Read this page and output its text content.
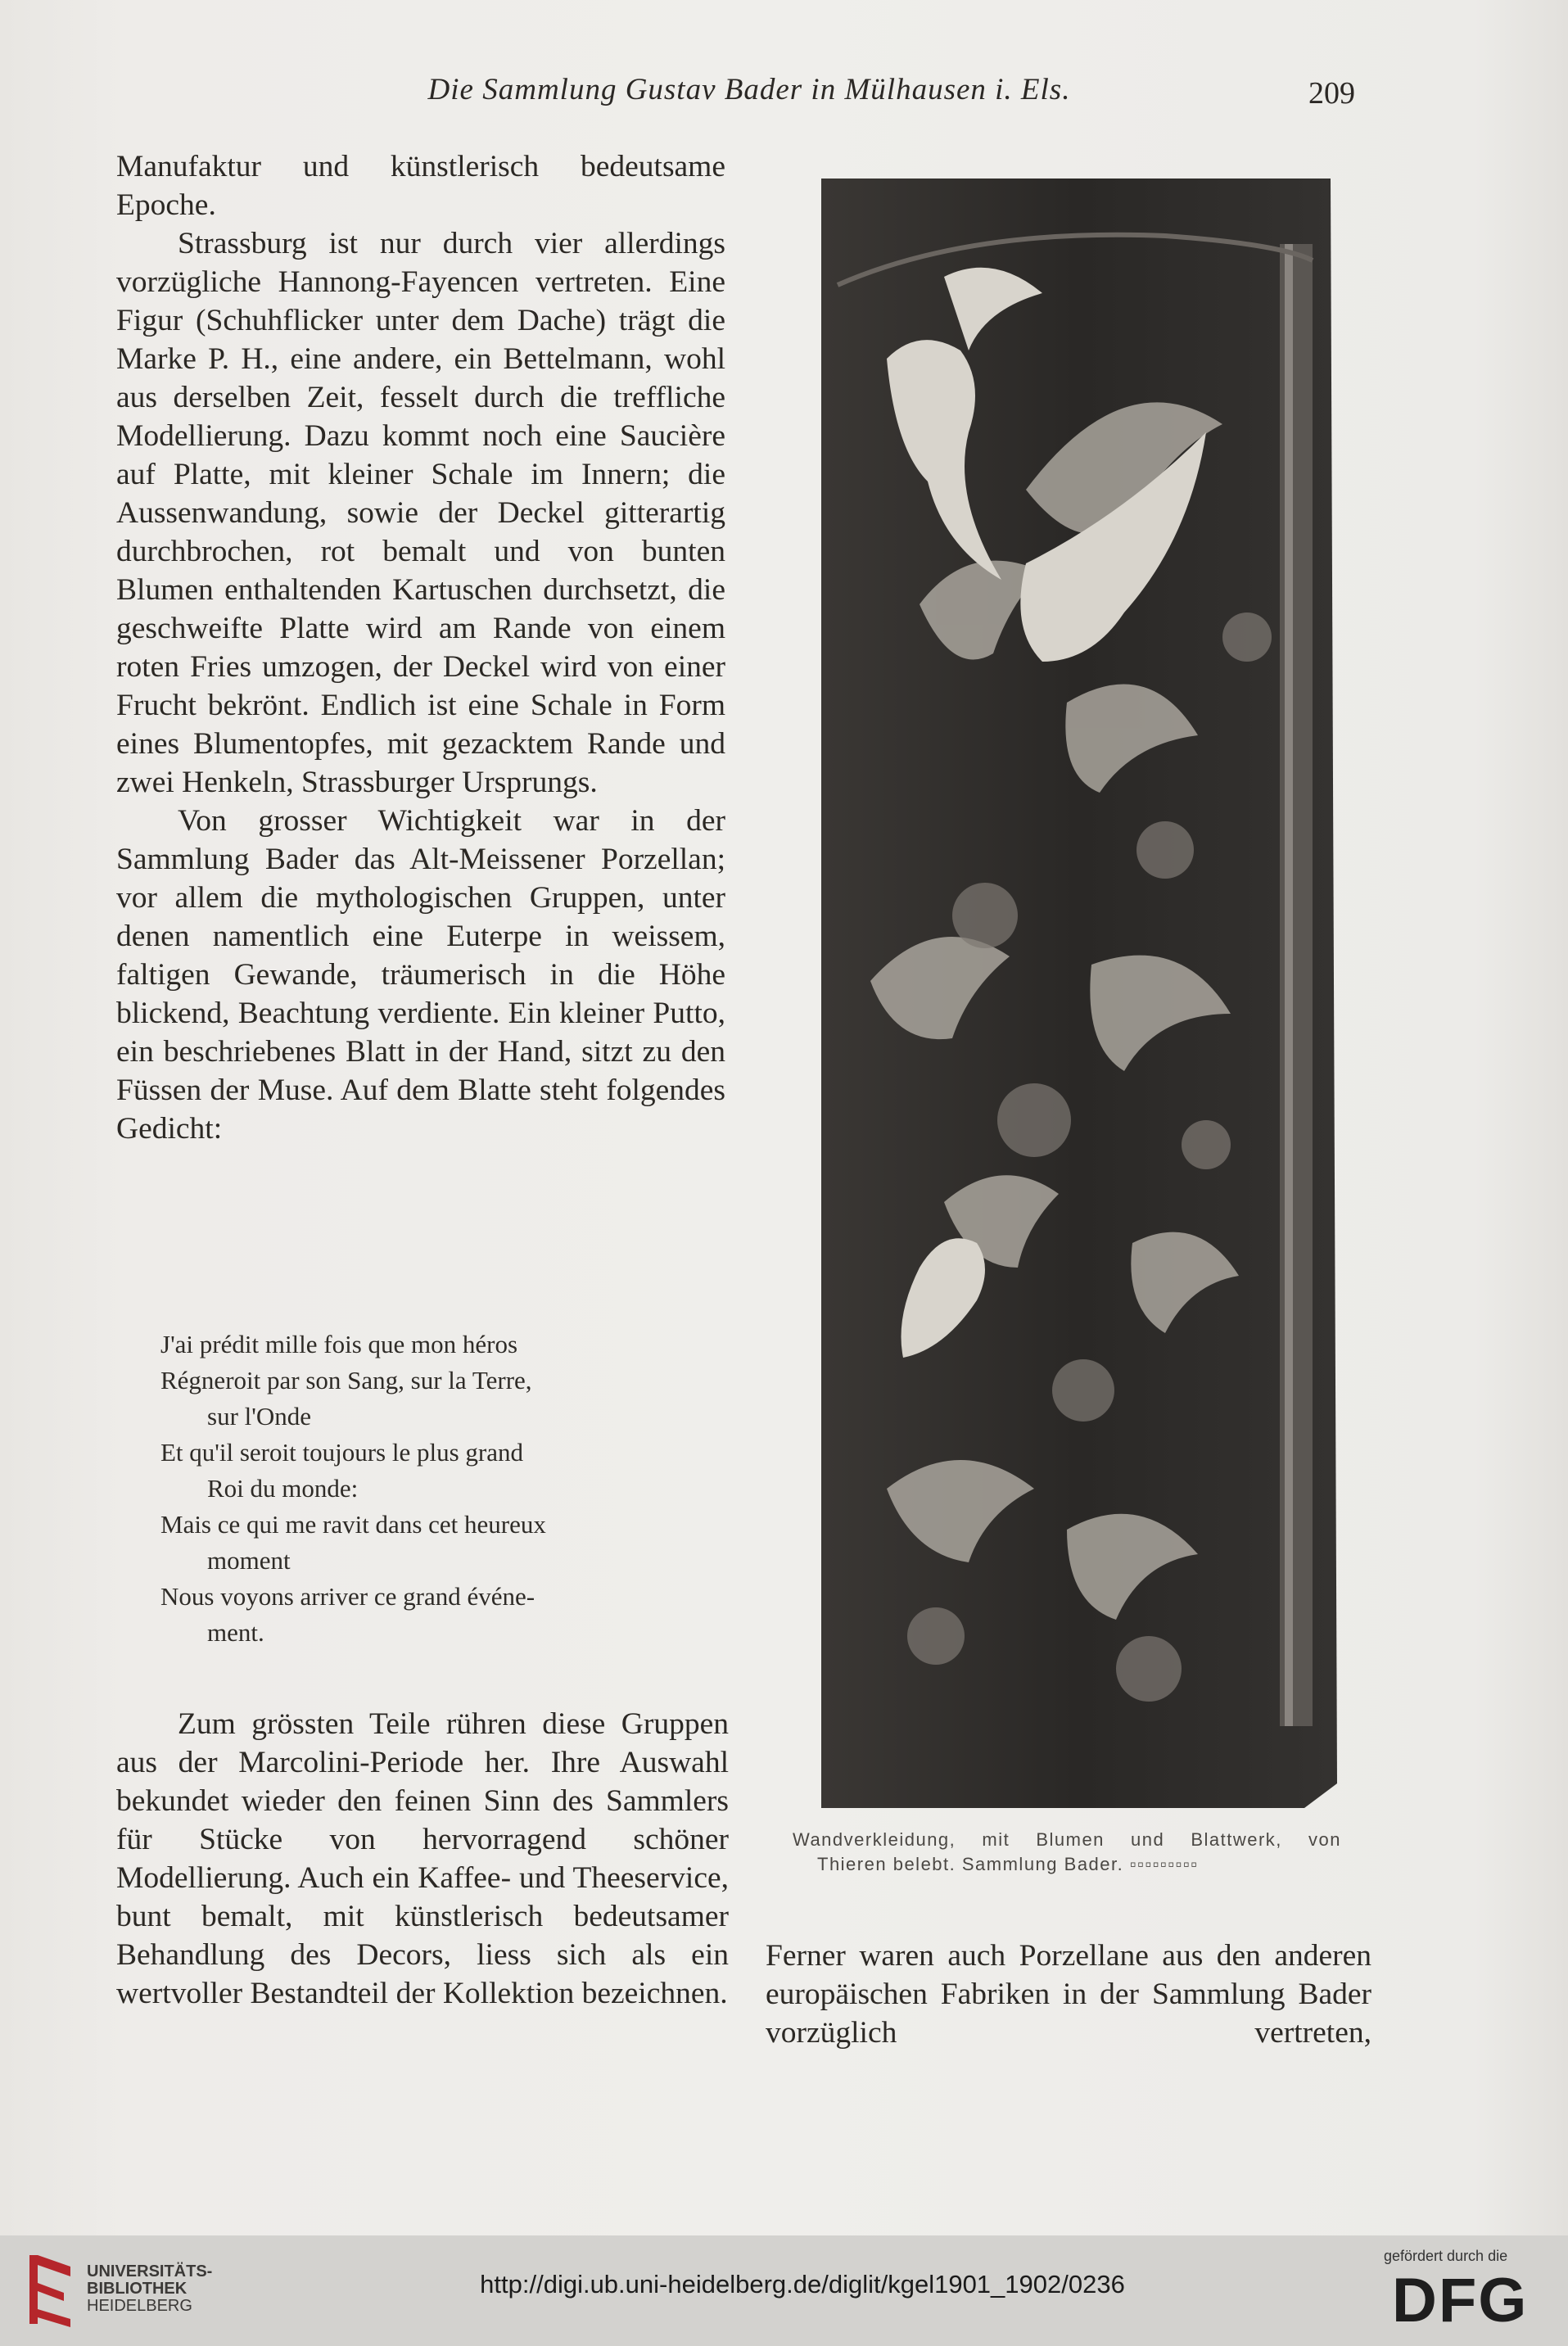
Die Sammlung Gustav Bader in Mülhausen i. Els.	209

Manufaktur und künstlerisch bedeutsame Epoche.

Strassburg ist nur durch vier allerdings vorzügliche Hannong-Fayencen vertreten. Eine Figur (Schuhflicker unter dem Dache) trägt die Marke P. H., eine andere, ein Bettelmann, wohl aus derselben Zeit, fesselt durch die treffliche Modellierung. Dazu kommt noch eine Saucière auf Platte, mit kleiner Schale im Innern; die Aussenwandung, sowie der Deckel gitterartig durchbrochen, rot bemalt und von bunten Blumen enthaltenden Kartuschen durchsetzt, die geschweifte Platte wird am Rande von einem roten Fries umzogen, der Deckel wird von einer Frucht bekrönt. Endlich ist eine Schale in Form eines Blumentopfes, mit gezacktem Rande und zwei Henkeln, Strassburger Ursprungs.

Von grosser Wichtigkeit war in der Sammlung Bader das Alt-Meissener Porzellan; vor allem die mythologischen Gruppen, unter denen namentlich eine Euterpe in weissem, faltigen Gewande, träumerisch in die Höhe blickend, Beachtung verdiente. Ein kleiner Putto, ein beschriebenes Blatt in der Hand, sitzt zu den Füssen der Muse. Auf dem Blatte steht folgendes Gedicht:

J'ai prédit mille fois que mon héros
Régneroit par son Sang, sur la Terre,
sur l'Onde
Et qu'il seroit toujours le plus grand
Roi du monde:
Mais ce qui me ravit dans cet heureux
moment
Nous voyons arriver ce grand événe-
ment.

Zum grössten Teile rühren diese Gruppen aus der Marcolini-Periode her. Ihre Auswahl bekundet wieder den feinen Sinn des Sammlers für Stücke von hervorragend schöner Modellierung. Auch ein Kaffee- und Theeservice, bunt bemalt, mit künstlerisch bedeutsamer Behandlung des Decors, liess sich als ein wertvoller Bestandteil der Kollektion bezeichnen.

Wandverkleidung, mit Blumen und Blattwerk, von
Thieren belebt. Sammlung Bader. ▫▫▫▫▫▫▫▫▫

Ferner waren auch Porzellane aus den anderen europäischen Fabriken in der Sammlung Bader vorzüglich vertreten,

UNIVERSITÄTS-
BIBLIOTHEK
HEIDELBERG
http://digi.ub.uni-heidelberg.de/diglit/kgel1901_1902/0236
gefördert durch die
DFG
